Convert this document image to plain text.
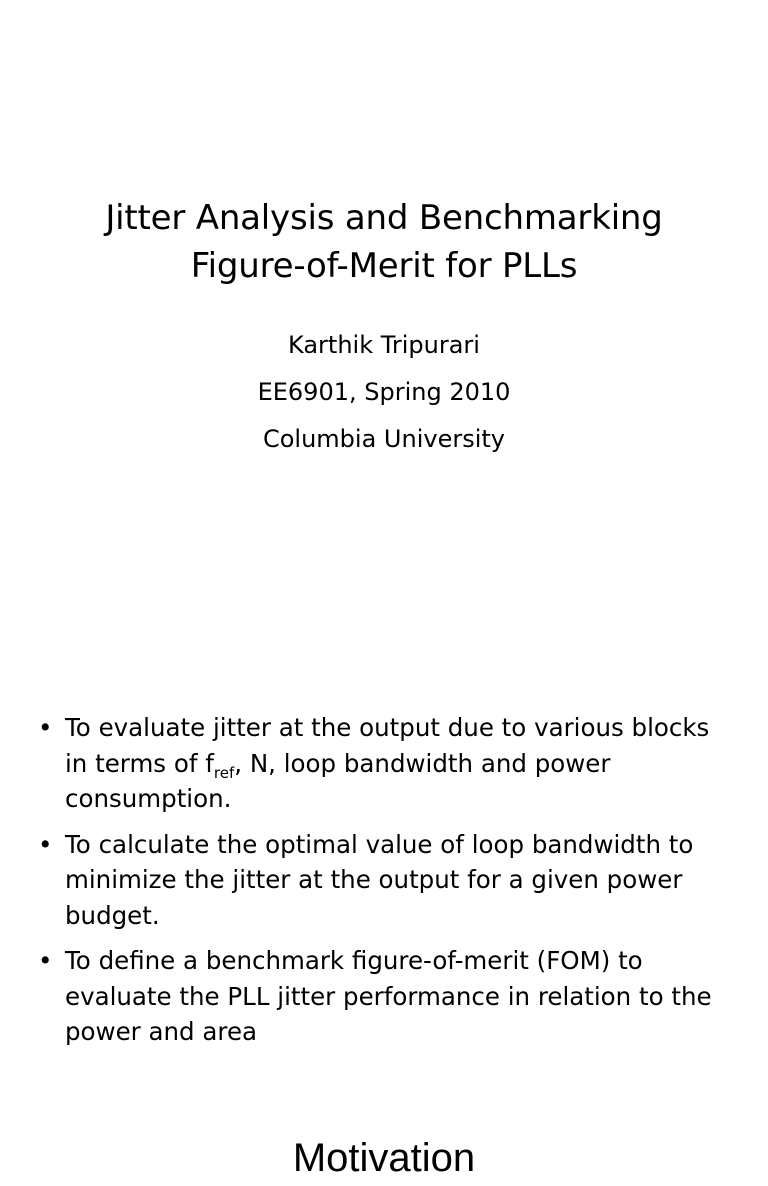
Jitter Analysis and Benchmarking
Figure-of-Merit for PLLs
Karthik Tripurari
EE6901, Spring 2010
Columbia University
Motivation
• To evaluate jitter at the output due to various blocks in terms of $f_{ref}$, N, loop bandwidth and power consumption.
• To calculate the optimal value of loop bandwidth to minimize the jitter at the output for a given power budget.
• To define a benchmark figure-of-merit (FOM) to evaluate the PLL jitter performance in relation to the power and area
